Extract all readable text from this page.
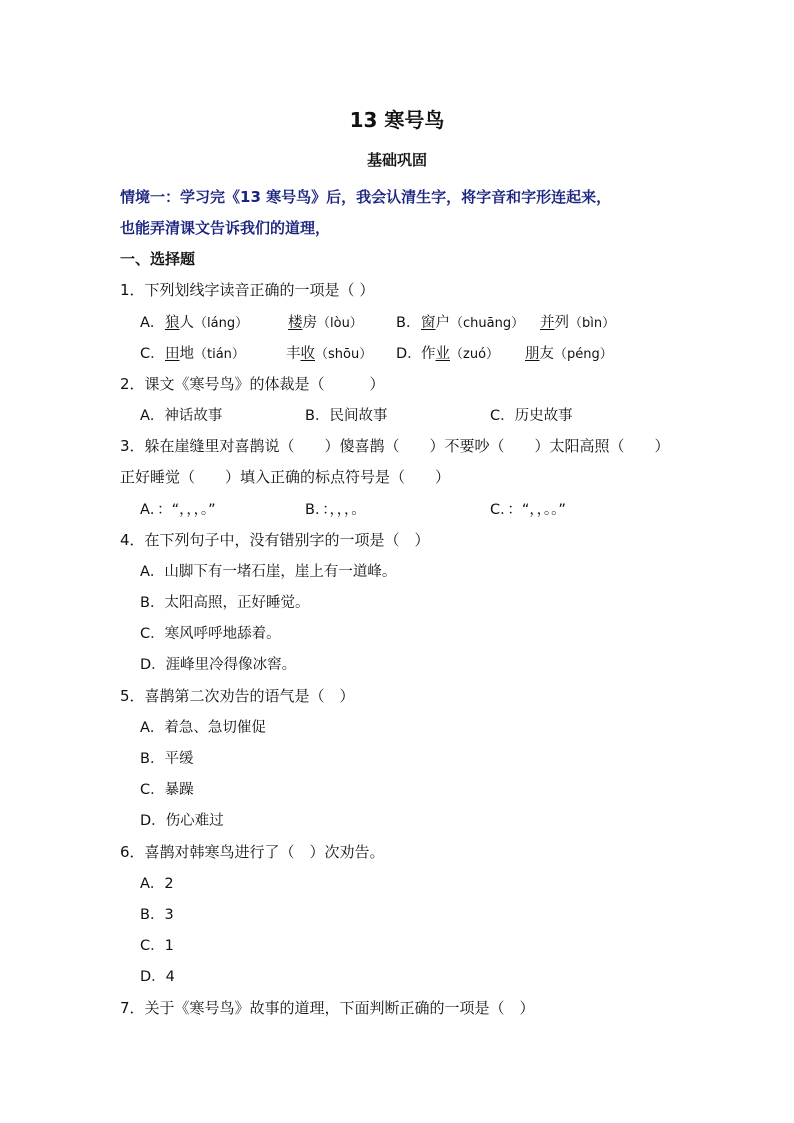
13 寒号鸟
基础巩固
情境一：学习完《13 寒号鸟》后，我会认清生字，将字音和字形连起来，
也能弄清课文告诉我们的道理，
一、选择题
1．下列划线字读音正确的一项是（ ）
A． 狼人（láng）	楼房（lòu） B． 窗户（chuāng） 并列（bìn）
C． 田地（tián）	丰收（shōu） D． 作业（zuó） 朋友（péng）
2．课文《寒号鸟》的体裁是（　　　）
A．神话故事	B．民间故事	C．历史故事
3．躲在崖缝里对喜鹊说（　　）傻喜鹊（　　）不要吵（　　）太阳高照（　　）
正好睡觉（　　）填入正确的标点符号是（　　）
A．：“，，，。”	B．：，，，。	C．：“，，。。”
4．在下列句子中，没有错别字的一项是（　）
A．山脚下有一堵石崖，崖上有一道峰。
B．太阳高照，正好睡觉。
C．寒风呼呼地舔着。
D．涯峰里冷得像冰窖。
5．喜鹊第二次劝告的语气是（　）
A．着急、急切催促
B．平缓
C．暴躁
D．伤心难过
6．喜鹊对韩寒鸟进行了（　）次劝告。
A．2
B．3
C．1
D．4
7．关于《寒号鸟》故事的道理，下面判断正确的一项是（　）
